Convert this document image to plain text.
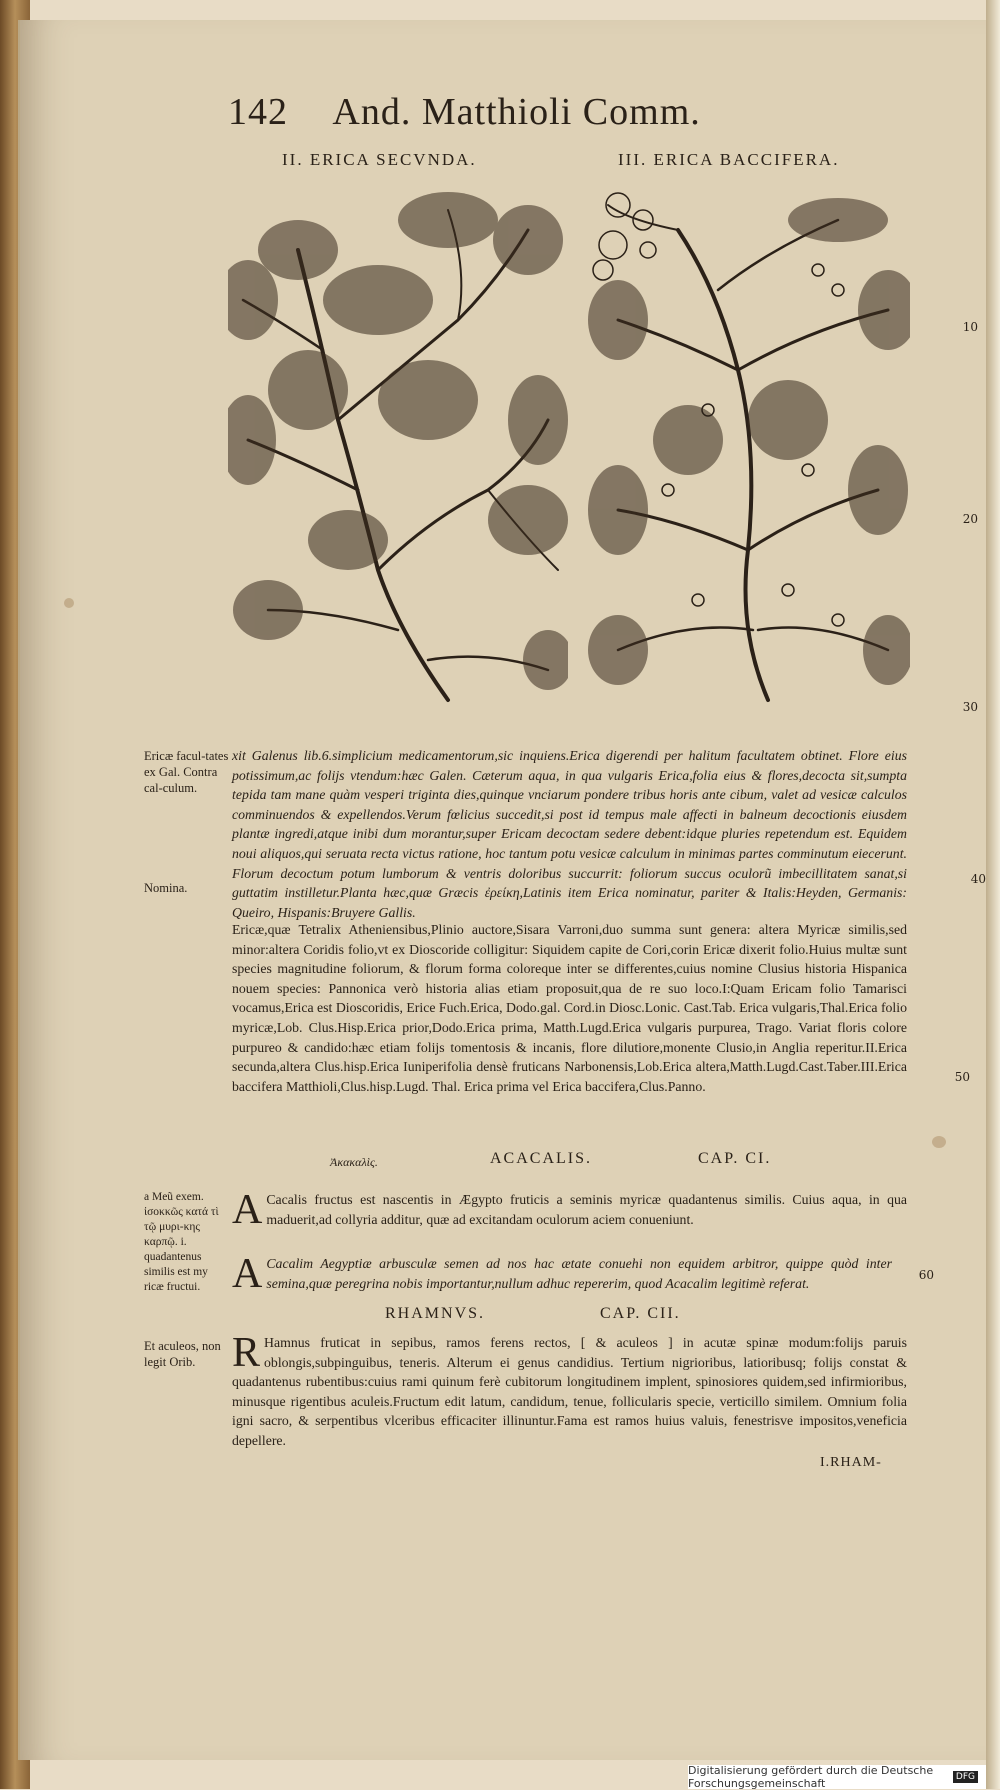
142 And. Matthioli Comm.
II. ERICA SECVNDA.	III. ERICA BACCIFERA.
10
20
30
40
50
60
Ericæ facul-tates ex Gal. Contra cal-culum.
Nomina.
xit Galenus lib.6.simplicium medicamentorum,sic inquiens.Erica digerendi per halitum facultatem obtinet. Flore eius potissimum,ac folijs vtendum:hæc Galen. Cæterum aqua, in qua vulgaris Erica,folia eius & flores,decocta sit,sumpta tepida tam mane quàm vesperi triginta dies,quinque vnciarum pondere tribus horis ante cibum, valet ad vesicæ calculos comminuendos & expellendos.Verum fœlicius succedit,si post id tempus male affecti in balneum decoctionis eiusdem plantæ ingredi,atque inibi dum morantur,super Ericam decoctam sedere debent:idque pluries repetendum est. Equidem noui aliquos,qui seruata recta victus ratione, hoc tantum potu vesicæ calculum in minimas partes comminutum eiecerunt. Florum decoctum potum lumborum & ventris doloribus succurrit: foliorum succus oculorũ imbecillitatem sanat,si guttatim instilletur.Planta hæc,quæ Græcis ἐρείκη,Latinis item Erica nominatur, pariter & Italis:Heyden, Germanis: Queiro, Hispanis:Bruyere Gallis.
Ericæ,quæ Tetralix Atheniensibus,Plinio auctore,Sisara Varroni,duo summa sunt genera: altera Myricæ similis,sed minor:altera Coridis folio,vt ex Dioscoride colligitur: Siquidem capite de Cori,corin Ericæ dixerit folio.Huius multæ sunt species magnitudine foliorum, & florum forma coloreque inter se differentes,cuius nomine Clusius historia Hispanica nouem species: Pannonica verò historia alias etiam proposuit,qua de re suo loco.I:Quam Ericam folio Tamarisci vocamus,Erica est Dioscoridis, Erice Fuch.Erica, Dodo.gal. Cord.in Diosc.Lonic. Cast.Tab. Erica vulgaris,Thal.Erica folio myricæ,Lob. Clus.Hisp.Erica prior,Dodo.Erica prima, Matth.Lugd.Erica vulgaris purpurea, Trago. Variat floris colore purpureo & candido:hæc etiam folijs tomentosis & incanis, flore dilutiore,monente Clusio,in Anglia reperitur.II.Erica secunda,altera Clus.hisp.Erica Iuniperifolia densè fruticans Narbonensis,Lob.Erica altera,Matth.Lugd.Cast.Taber.III.Erica baccifera Matthioli,Clus.hisp.Lugd. Thal. Erica prima vel Erica baccifera,Clus.Panno.
Ἀκακαλὶς.	ACACALIS.	CAP. CI.
a Meũ exem. ἰσοκκῶς κατά τὶ τῷ μυρι-κης καρπῷ. i. quadantenus similis est my ricæ fructui.
A Cacalis fructus est nascentis in Ægypto fruticis a seminis myricæ quadantenus similis. Cuius aqua, in qua maduerit,ad collyria additur, quæ ad excitandam oculorum aciem conueniunt.
A Cacalim Aegyptiæ arbusculæ semen ad nos hac ætate conuehi non equidem arbitror, quippe quòd inter semina,quæ peregrina nobis importantur,nullum adhuc repererim, quod Acacalim legitimè referat.
RHAMNVS.	CAP. CII.
Et aculeos, non legit Orib. R Hamnus fruticat in sepibus, ramos ferens rectos, [ & aculeos ] in acutæ spinæ modum:folijs paruis oblongis,subpinguibus, teneris. Alterum ei genus candidius. Tertium nigrioribus, latioribusq; folijs constat & quadantenus rubentibus:cuius rami quinum ferè cubitorum longitudinem implent, spinosiores quidem,sed infirmioribus, minusque rigentibus aculeis.Fructum edit latum, candidum, tenue, follicularis specie, verticillo similem. Omnium folia igni sacro, & serpentibus vlceribus efficaciter illinuntur.Fama est ramos huius valuis, fenestrisve impositos,veneficia depellere.
I.RHAM-
Digitalisierung gefördert durch die Deutsche Forschungsgemeinschaft	DFG
